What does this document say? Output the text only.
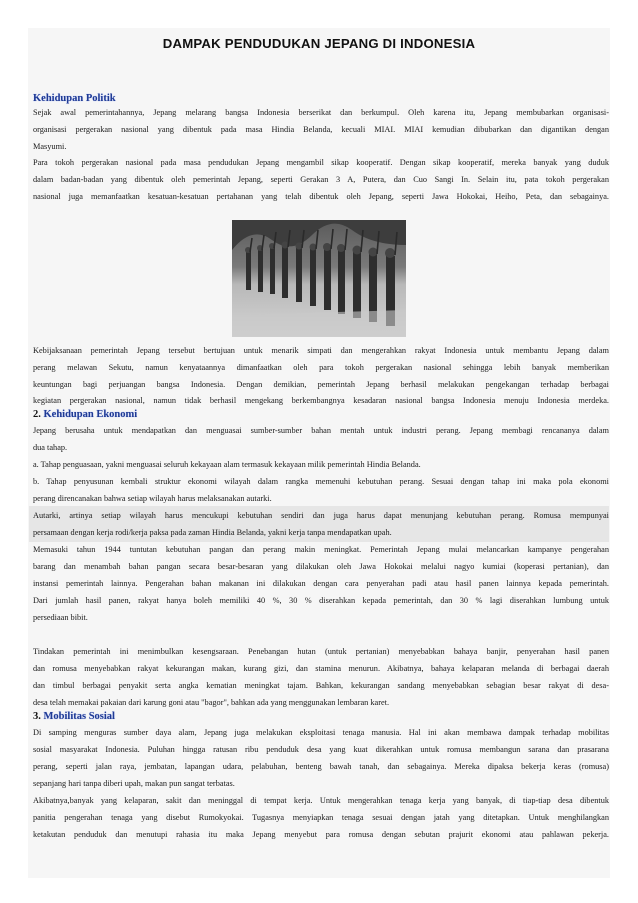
DAMPAK PENDUDUKAN JEPANG DI INDONESIA
Kehidupan Politik
Sejak awal pemerintahannya, Jepang melarang bangsa Indonesia berserikat dan berkumpul. Oleh karena itu, Jepang membubarkan organisasi-
organisasi pergerakan nasional yang dibentuk pada masa Hindia Belanda, kecuali MIAI. MIAI kemudian dibubarkan dan digantikan dengan
Masyumi.
Para tokoh pergerakan nasional pada masa pendudukan Jepang mengambil sikap kooperatif. Dengan sikap kooperatif, mereka banyak yang duduk
dalam badan-badan yang dibentuk oleh pemerintah Jepang, seperti Gerakan 3 A, Putera, dan Cuo Sangi In. Selain itu, pata tokoh pergerakan
nasional juga memanfaatkan kesatuan-kesatuan pertahanan yang telah dibentuk oleh Jepang, seperti Jawa Hokokai, Heiho, Peta, dan sebagainya.
Kebijaksanaan pemerintah Jepang tersebut bertujuan untuk menarik simpati dan mengerahkan rakyat Indonesia untuk membantu Jepang dalam
perang melawan Sekutu, namun kenyataannya dimanfaatkan oleh para tokoh pergerakan nasional sehingga lebih banyak memberikan
keuntungan bagi perjuangan bangsa Indonesia. Dengan demikian, pemerintah Jepang berhasil melakukan pengekangan terhadap berbagai
kegiatan pergerakan nasional, namun tidak berhasil mengekang berkembangnya kesadaran nasional bangsa Indonesia menuju Indonesia merdeka.
2. Kehidupan Ekonomi
Jepang berusaha untuk mendapatkan dan menguasai sumber-sumber bahan mentah untuk industri perang. Jepang membagi rencananya dalam
dua tahap.
a. Tahap penguasaan, yakni menguasai seluruh kekayaan alam termasuk kekayaan milik pemerintah Hindia Belanda.
b. Tahap penyusunan kembali struktur ekonomi wilayah dalam rangka memenuhi kebutuhan perang. Sesuai dengan tahap ini maka pola ekonomi
perang direncanakan bahwa setiap wilayah harus melaksanakan autarki.
Autarki, artinya setiap wilayah harus mencukupi kebutuhan sendiri dan juga harus dapat menunjang kebutuhan perang. Romusa mempunyai
persamaan dengan kerja rodi/kerja paksa pada zaman Hindia Belanda, yakni kerja tanpa mendapatkan upah.
Memasuki tahun 1944 tuntutan kebutuhan pangan dan perang makin meningkat. Pemerintah Jepang mulai melancarkan kampanye pengerahan
barang dan menambah bahan pangan secara besar-besaran yang dilakukan oleh Jawa Hokokai melalui nagyo kumiai (koperasi pertanian), dan
instansi pemerintah lainnya. Pengerahan bahan makanan ini dilakukan dengan cara penyerahan padi atau hasil panen lainnya kepada pemerintah.
Dari jumlah hasil panen, rakyat hanya boleh memiliki 40 %, 30 % diserahkan kepada pemerintah, dan 30 % lagi diserahkan lumbung untuk
persediaan bibit.
Tindakan pemerintah ini menimbulkan kesengsaraan. Penebangan hutan (untuk pertanian) menyebabkan bahaya banjir, penyerahan hasil panen
dan romusa menyebabkan rakyat kekurangan makan, kurang gizi, dan stamina menurun. Akibatnya, bahaya kelaparan melanda di berbagai daerah
dan timbul berbagai penyakit serta angka kematian meningkat tajam. Bahkan, kekurangan sandang menyebabkan sebagian besar rakyat di desa-
desa telah memakai pakaian dari karung goni atau "bagor", bahkan ada yang menggunakan lembaran karet.
3. Mobilitas Sosial
Di samping menguras sumber daya alam, Jepang juga melakukan eksploitasi tenaga manusia. Hal ini akan membawa dampak terhadap mobilitas
sosial masyarakat Indonesia. Puluhan hingga ratusan ribu penduduk desa yang kuat dikerahkan untuk romusa membangun sarana dan prasarana
perang, seperti jalan raya, jembatan, lapangan udara, pelabuhan, benteng bawah tanah, dan sebagainya. Mereka dipaksa bekerja keras (romusa)
sepanjang hari tanpa diberi upah, makan pun sangat terbatas.
Akibatnya,banyak yang kelaparan, sakit dan meninggal di tempat kerja. Untuk mengerahkan tenaga kerja yang banyak, di tiap-tiap desa dibentuk
panitia pengerahan tenaga yang disebut Rumokyokai. Tugasnya menyiapkan tenaga sesuai dengan jatah yang ditetapkan. Untuk menghilangkan
ketakutan penduduk dan menutupi rahasia itu maka Jepang menyebut para romusa dengan sebutan prajurit ekonomi atau pahlawan pekerja.
